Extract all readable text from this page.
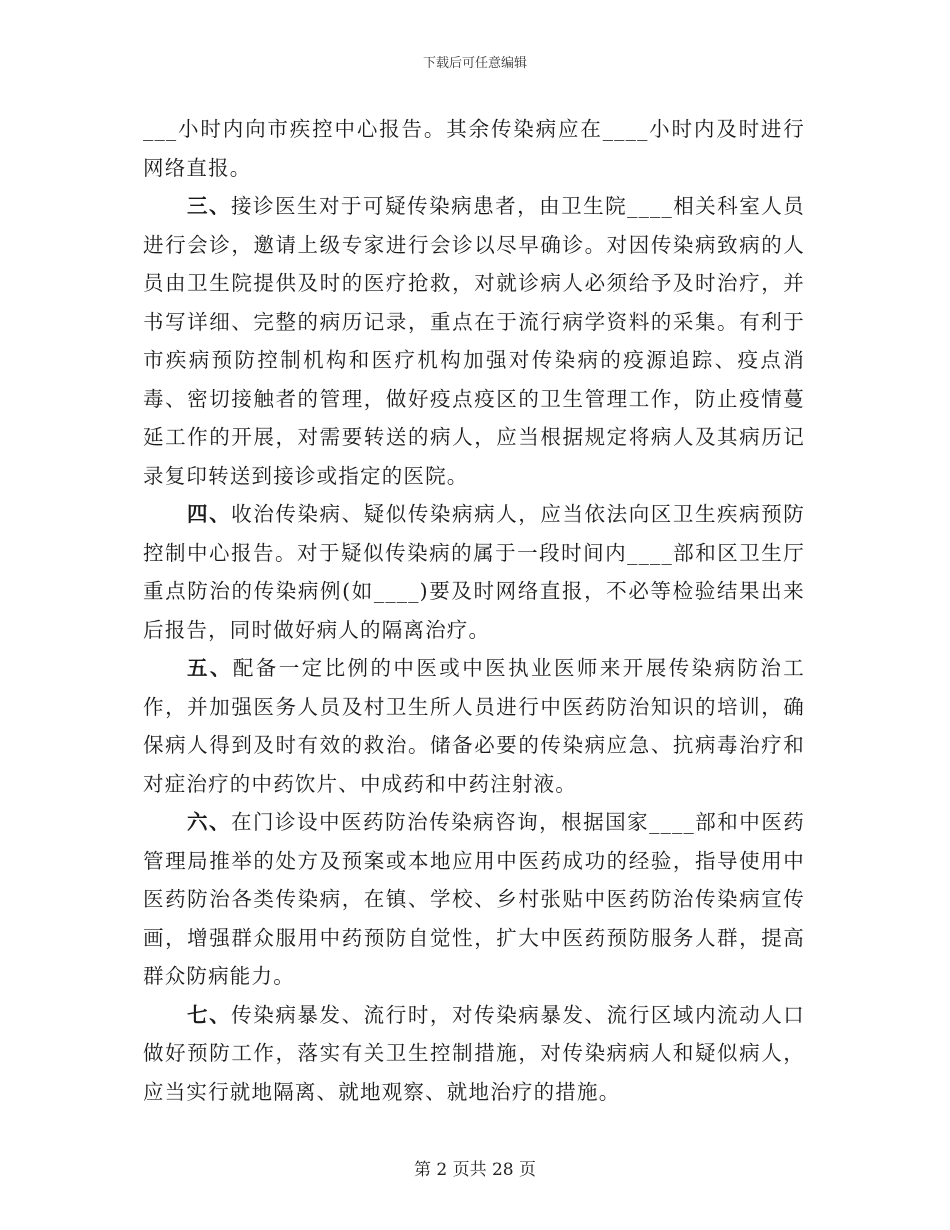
下载后可任意编辑

___小时内向市疾控中心报告。其余传染病应在____小时内及时进行网络直报。

三、接诊医生对于可疑传染病患者，由卫生院____相关科室人员进行会诊，邀请上级专家进行会诊以尽早确诊。对因传染病致病的人员由卫生院提供及时的医疗抢救，对就诊病人必须给予及时治疗，并书写详细、完整的病历记录，重点在于流行病学资料的采集。有利于市疾病预防控制机构和医疗机构加强对传染病的疫源追踪、疫点消毒、密切接触者的管理，做好疫点疫区的卫生管理工作，防止疫情蔓延工作的开展，对需要转送的病人，应当根据规定将病人及其病历记录复印转送到接诊或指定的医院。

四、收治传染病、疑似传染病病人，应当依法向区卫生疾病预防控制中心报告。对于疑似传染病的属于一段时间内____部和区卫生厅重点防治的传染病例(如____)要及时网络直报，不必等检验结果出来后报告，同时做好病人的隔离治疗。

五、配备一定比例的中医或中医执业医师来开展传染病防治工作，并加强医务人员及村卫生所人员进行中医药防治知识的培训，确保病人得到及时有效的救治。储备必要的传染病应急、抗病毒治疗和对症治疗的中药饮片、中成药和中药注射液。

六、在门诊设中医药防治传染病咨询，根据国家____部和中医药管理局推举的处方及预案或本地应用中医药成功的经验，指导使用中医药防治各类传染病，在镇、学校、乡村张贴中医药防治传染病宣传画，增强群众服用中药预防自觉性，扩大中医药预防服务人群，提高群众防病能力。

七、传染病暴发、流行时，对传染病暴发、流行区域内流动人口做好预防工作，落实有关卫生控制措施，对传染病病人和疑似病人，应当实行就地隔离、就地观察、就地治疗的措施。

第 2 页共 28 页
